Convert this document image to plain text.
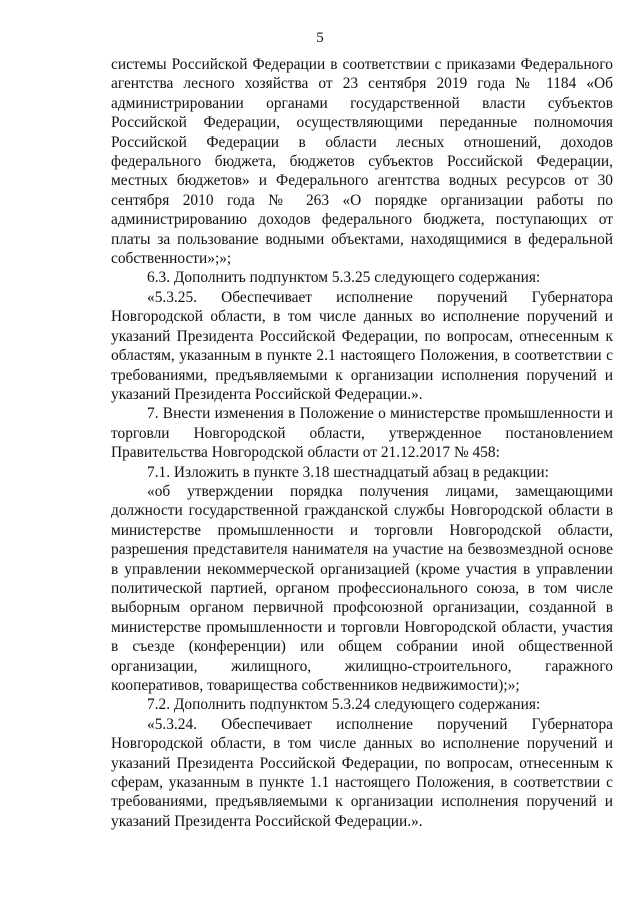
5

системы Российской Федерации в соответствии с приказами Федерального агентства лесного хозяйства от 23 сентября 2019 года № 1184 «Об администрировании органами государственной власти субъектов Российской Федерации, осуществляющими переданные полномочия Российской Федерации в области лесных отношений, доходов федерального бюджета, бюджетов субъектов Российской Федерации, местных бюджетов» и Федерального агентства водных ресурсов от 30 сентября 2010 года № 263 «О порядке организации работы по администрированию доходов федерального бюджета, поступающих от платы за пользование водными объектами, находящимися в федеральной собственности»;»;

6.3. Дополнить подпунктом 5.3.25 следующего содержания:

«5.3.25. Обеспечивает исполнение поручений Губернатора Новгородской области, в том числе данных во исполнение поручений и указаний Президента Российской Федерации, по вопросам, отнесенным к областям, указанным в пункте 2.1 настоящего Положения, в соответствии с требованиями, предъявляемыми к организации исполнения поручений и указаний Президента Российской Федерации.».

7. Внести изменения в Положение о министерстве промышленности и торговли Новгородской области, утвержденное постановлением Правительства Новгородской области от 21.12.2017 № 458:

7.1. Изложить в пункте 3.18 шестнадцатый абзац в редакции:

«об утверждении порядка получения лицами, замещающими должности государственной гражданской службы Новгородской области в министерстве промышленности и торговли Новгородской области, разрешения представителя нанимателя на участие на безвозмездной основе в управлении некоммерческой организацией (кроме участия в управлении политической партией, органом профессионального союза, в том числе выборным органом первичной профсоюзной организации, созданной в министерстве промышленности и торговли Новгородской области, участия в съезде (конференции) или общем собрании иной общественной организации, жилищного, жилищно-строительного, гаражного кооперативов, товарищества собственников недвижимости);»;

7.2. Дополнить подпунктом 5.3.24 следующего содержания:

«5.3.24. Обеспечивает исполнение поручений Губернатора Новгородской области, в том числе данных во исполнение поручений и указаний Президента Российской Федерации, по вопросам, отнесенным к сферам, указанным в пункте 1.1 настоящего Положения, в соответствии с требованиями, предъявляемыми к организации исполнения поручений и указаний Президента Российской Федерации.».
